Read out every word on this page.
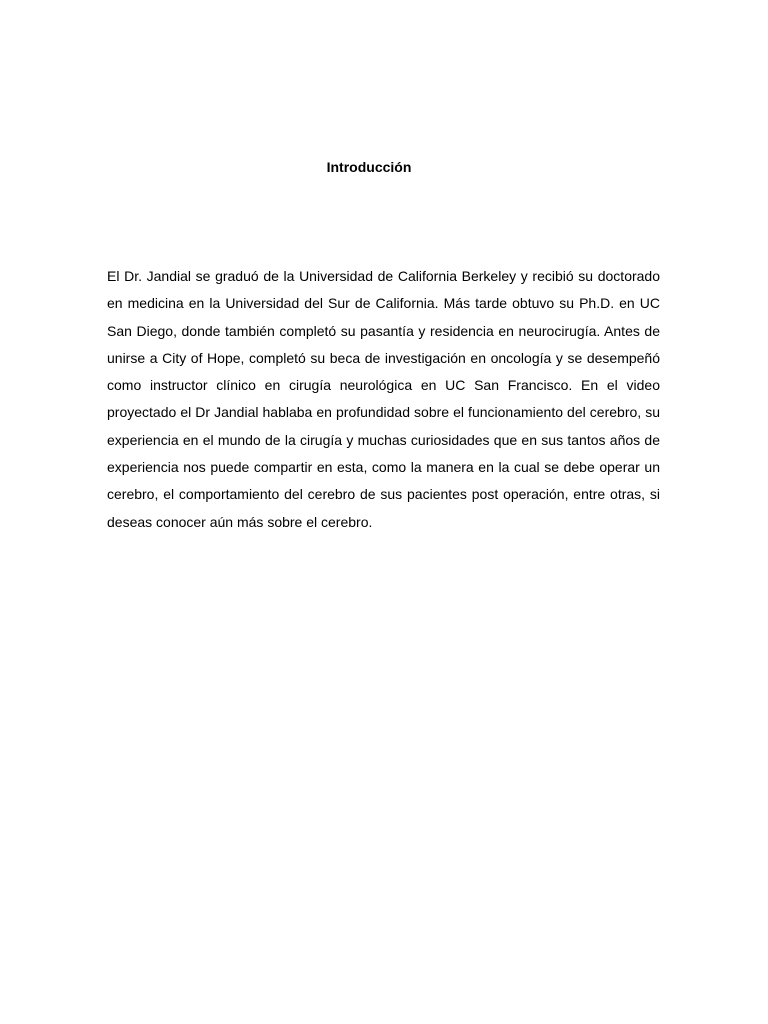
Introducción

El Dr. Jandial se graduó de la Universidad de California Berkeley y recibió su doctorado en medicina en la Universidad del Sur de California. Más tarde obtuvo su Ph.D. en UC San Diego, donde también completó su pasantía y residencia en neurocirugía. Antes de unirse a City of Hope, completó su beca de investigación en oncología y se desempeñó como instructor clínico en cirugía neurológica en UC San Francisco. En el video proyectado el Dr Jandial hablaba en profundidad sobre el funcionamiento del cerebro, su experiencia en el mundo de la cirugía y muchas curiosidades que en sus tantos años de experiencia nos puede compartir en esta, como la manera en la cual se debe operar un cerebro, el comportamiento del cerebro de sus pacientes post operación, entre otras, si deseas conocer aún más sobre el cerebro.
